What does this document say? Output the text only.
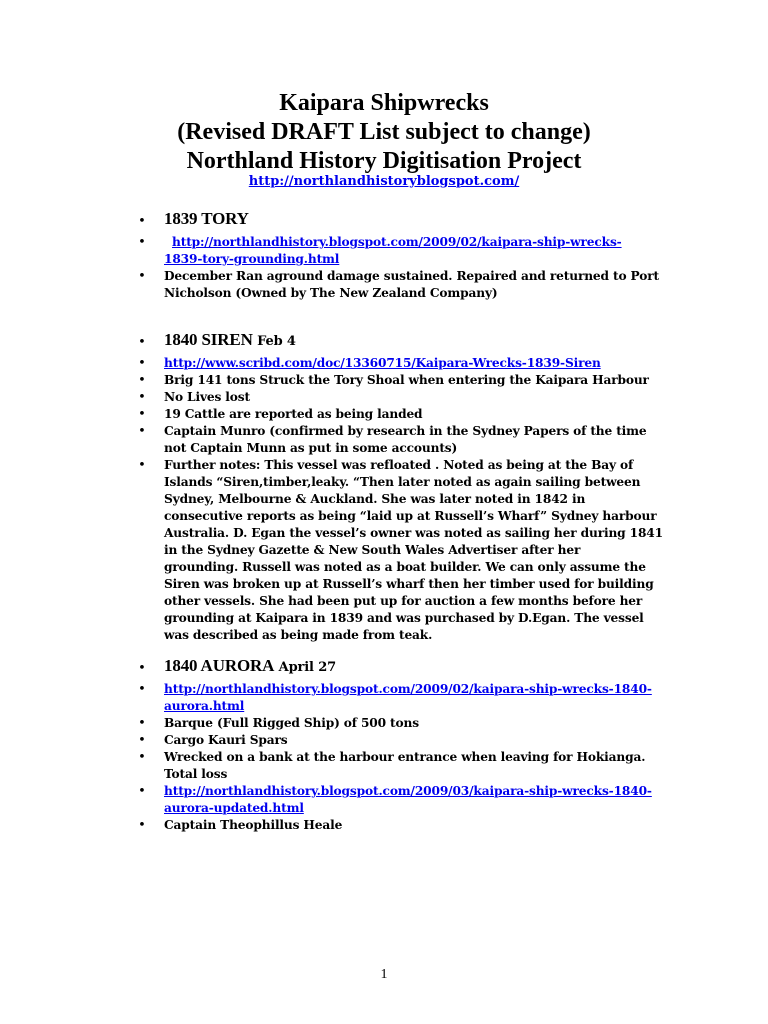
Kaipara Shipwrecks
(Revised DRAFT List subject to change)
Northland History Digitisation Project
http://northlandhistoryblogspot.com/
• 1839 TORY
• http://northlandhistory.blogspot.com/2009/02/kaipara-ship-wrecks-
1839-tory-grounding.html
• December Ran aground damage sustained. Repaired and returned to Port
Nicholson (Owned by The New Zealand Company)
• 1840 SIREN Feb 4
• http://www.scribd.com/doc/13360715/Kaipara-Wrecks-1839-Siren
• Brig 141 tons Struck the Tory Shoal when entering the Kaipara Harbour
• No Lives lost
• 19 Cattle are reported as being landed
• Captain Munro (confirmed by research in the Sydney Papers of the time
not Captain Munn as put in some accounts)
• Further notes: This vessel was refloated . Noted as being at the Bay of
Islands “Siren,timber,leaky. “Then later noted as again sailing between
Sydney, Melbourne & Auckland. She was later noted in 1842 in
consecutive reports as being “laid up at Russell’s Wharf” Sydney harbour
Australia. D. Egan the vessel’s owner was noted as sailing her during 1841
in the Sydney Gazette & New South Wales Advertiser after her
grounding. Russell was noted as a boat builder. We can only assume the
Siren was broken up at Russell’s wharf then her timber used for building
other vessels. She had been put up for auction a few months before her
grounding at Kaipara in 1839 and was purchased by D.Egan. The vessel
was described as being made from teak.
• 1840 AURORA April 27
• http://northlandhistory.blogspot.com/2009/02/kaipara-ship-wrecks-1840-
aurora.html
• Barque (Full Rigged Ship) of 500 tons
• Cargo Kauri Spars
• Wrecked on a bank at the harbour entrance when leaving for Hokianga.
Total loss
• http://northlandhistory.blogspot.com/2009/03/kaipara-ship-wrecks-1840-
aurora-updated.html
• Captain Theophillus Heale
1
